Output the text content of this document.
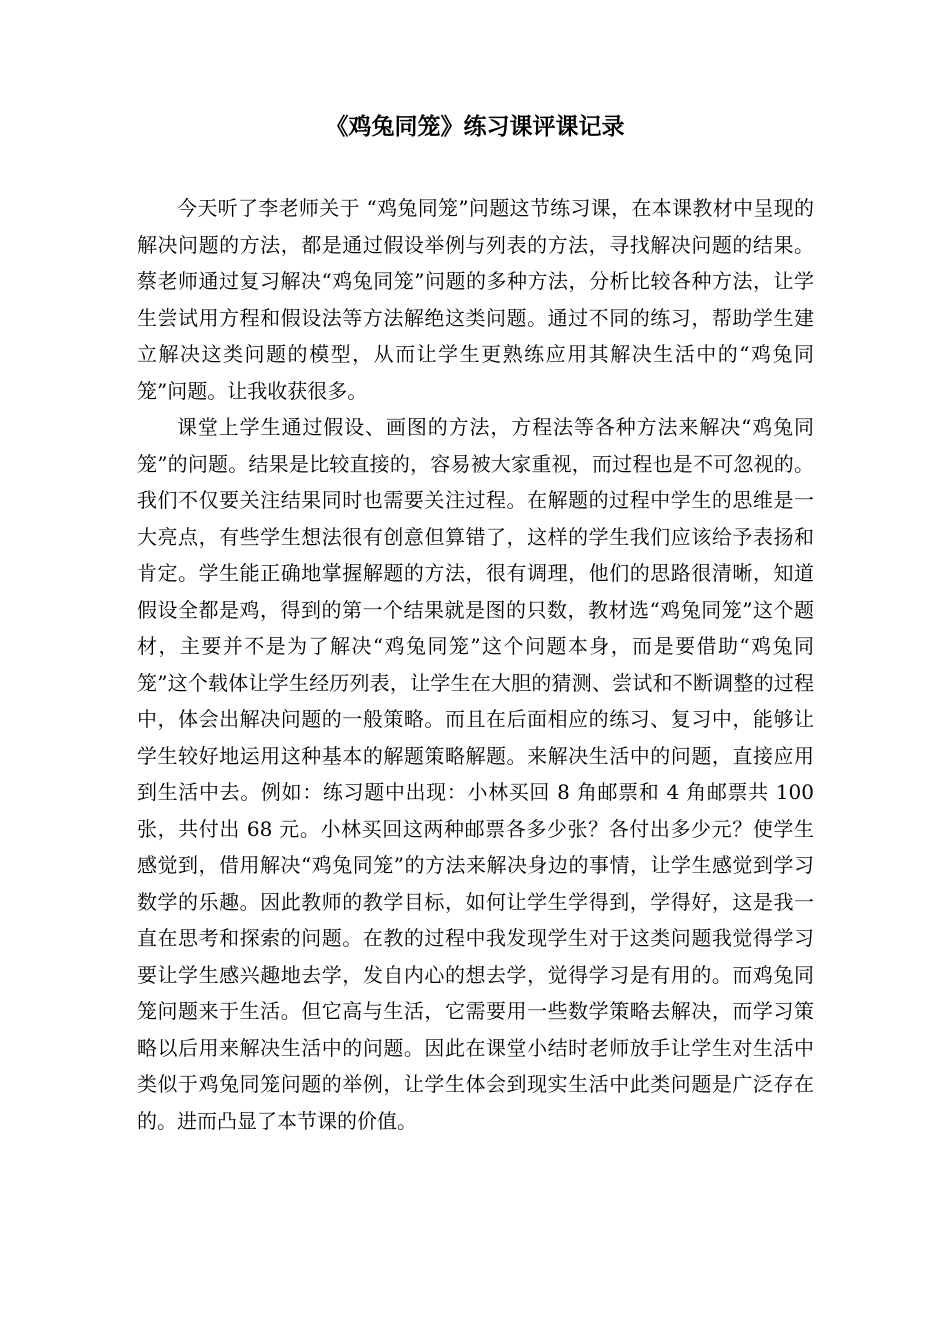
《鸡兔同笼》练习课评课记录

今天听了李老师关于 “鸡兔同笼”问题这节练习课，在本课教材中呈现的解决问题的方法，都是通过假设举例与列表的方法，寻找解决问题的结果。蔡老师通过复习解决“鸡兔同笼”问题的多种方法，分析比较各种方法，让学生尝试用方程和假设法等方法解绝这类问题。通过不同的练习，帮助学生建立解决这类问题的模型，从而让学生更熟练应用其解决生活中的“鸡兔同笼”问题。让我收获很多。

课堂上学生通过假设、画图的方法，方程法等各种方法来解决“鸡兔同笼”的问题。结果是比较直接的，容易被大家重视，而过程也是不可忽视的。我们不仅要关注结果同时也需要关注过程。在解题的过程中学生的思维是一大亮点，有些学生想法很有创意但算错了，这样的学生我们应该给予表扬和肯定。学生能正确地掌握解题的方法，很有调理，他们的思路很清晰，知道假设全都是鸡，得到的第一个结果就是图的只数，教材选“鸡兔同笼”这个题材，主要并不是为了解决“鸡兔同笼”这个问题本身，而是要借助“鸡兔同笼”这个载体让学生经历列表，让学生在大胆的猜测、尝试和不断调整的过程中，体会出解决问题的一般策略。而且在后面相应的练习、复习中，能够让学生较好地运用这种基本的解题策略解题。来解决生活中的问题，直接应用到生活中去。例如：练习题中出现：小林买回 8 角邮票和 4 角邮票共 100 张，共付出 68 元。小林买回这两种邮票各多少张？各付出多少元？使学生感觉到，借用解决“鸡兔同笼”的方法来解决身边的事情，让学生感觉到学习数学的乐趣。因此教师的教学目标，如何让学生学得到，学得好，这是我一直在思考和探索的问题。在教的过程中我发现学生对于这类问题我觉得学习要让学生感兴趣地去学，发自内心的想去学，觉得学习是有用的。而鸡兔同笼问题来于生活。但它高与生活，它需要用一些数学策略去解决，而学习策略以后用来解决生活中的问题。因此在课堂小结时老师放手让学生对生活中类似于鸡兔同笼问题的举例，让学生体会到现实生活中此类问题是广泛存在的。进而凸显了本节课的价值。
